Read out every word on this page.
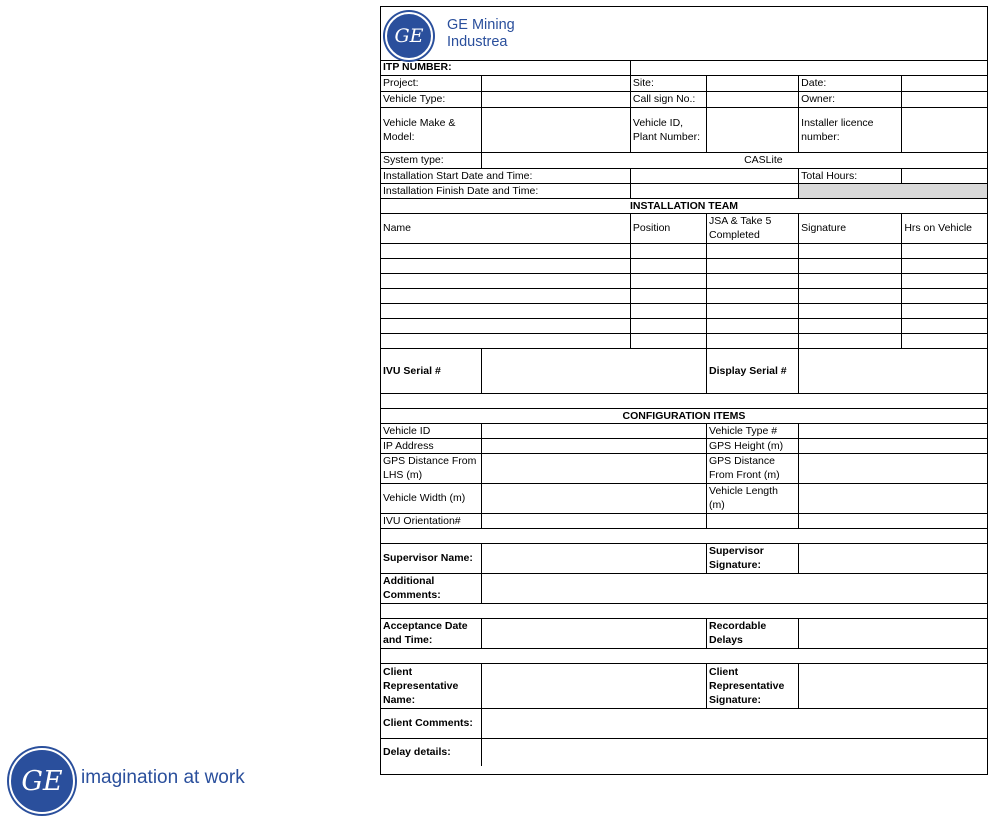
GE	GE Mining
Industrea
ITP NUMBER:					
Project:		Site:		Date:	
Vehicle Type:		Call sign No.:		Owner:	
Vehicle Make & Model:		Vehicle ID, Plant Number:		Installer licence number:	
System type:	CASLite				
Installation Start Date and Time:				Total Hours:	
Installation Finish Date and Time:					
INSTALLATION TEAM					
Name		Position	JSA & Take 5 Completed	Signature	Hrs on Vehicle

IVU Serial #			Display Serial #		

CONFIGURATION ITEMS					
Vehicle ID			Vehicle Type #		
IP Address			GPS Height (m)		
GPS Distance From LHS (m)			GPS Distance From Front (m)		
Vehicle Width (m)			Vehicle Length (m)		
IVU Orientation#					

Supervisor Name:			Supervisor Signature:		
Additional Comments:					

Acceptance Date and Time:			Recordable Delays		

Client Representative Name:			Client Representative Signature:		
Client Comments:					
Delay details:					
GE imagination at work
